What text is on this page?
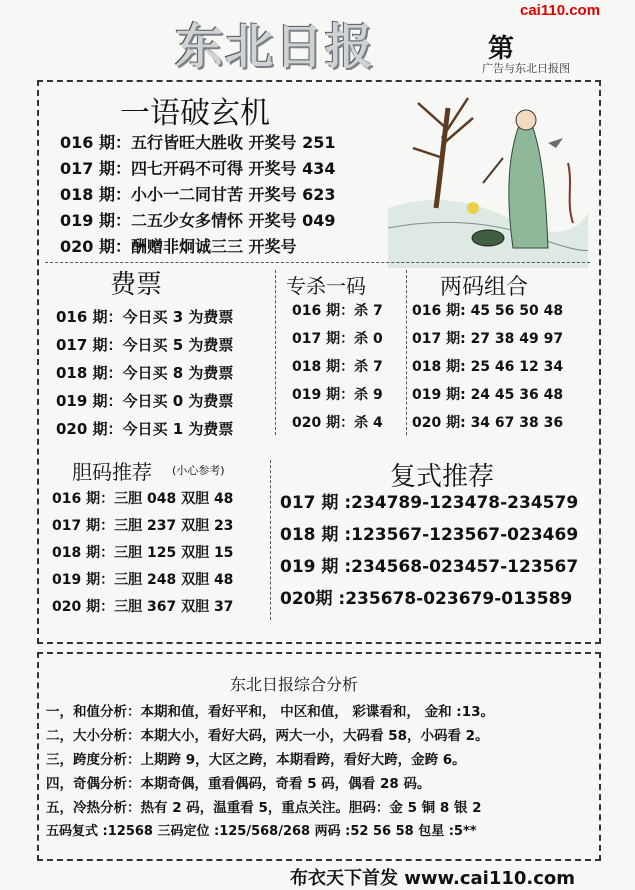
东北日报
cai110.com
第
广告与东北日报图
一语破玄机
016 期：五行皆旺大胜收 开奖号 251
017 期：四七开码不可得 开奖号 434
018 期：小小一二同甘苦 开奖号 623
019 期：二五少女多情怀 开奖号 049
020 期：酬赠非炯诚三三 开奖号
费票
016 期：今日买 3 为费票
017 期：今日买 5 为费票
018 期：今日买 8 为费票
019 期：今日买 0 为费票
020 期：今日买 1 为费票
专杀一码
016 期：杀 7
017 期：杀 0
018 期：杀 7
019 期：杀 9
020 期：杀 4
两码组合
016 期: 45 56 50 48
017 期: 27 38 49 97
018 期: 25 46 12 34
019 期: 24 45 36 48
020 期: 34 67 38 36
胆码推荐 (小心参考)
016 期：三胆 048 双胆 48
017 期：三胆 237 双胆 23
018 期：三胆 125 双胆 15
019 期：三胆 248 双胆 48
020 期：三胆 367 双胆 37
复式推荐
017 期 :234789-123478-234579
018 期 :123567-123567-023469
019 期 :234568-023457-123567
020期 :235678-023679-013589
东北日报综合分析
一，和值分析：本期和值，看好平和， 中区和值， 彩谍看和， 金和 :13。
二，大小分析：本期大小，看好大码，两大一小，大码看 58，小码看 2。
三，跨度分析：上期跨 9，大区之跨，本期看跨，看好大跨，金跨 6。
四，奇偶分析：本期奇偶，重看偶码，奇看 5 码，偶看 28 码。
五，冷热分析：热有 2 码，温重看 5，重点关注。胆码：金 5 铜 8 银 2
五码复式 :12568 三码定位 :125/568/268 两码 :52 56 58 包星 :5**
布衣天下首发 www.cai110.com
